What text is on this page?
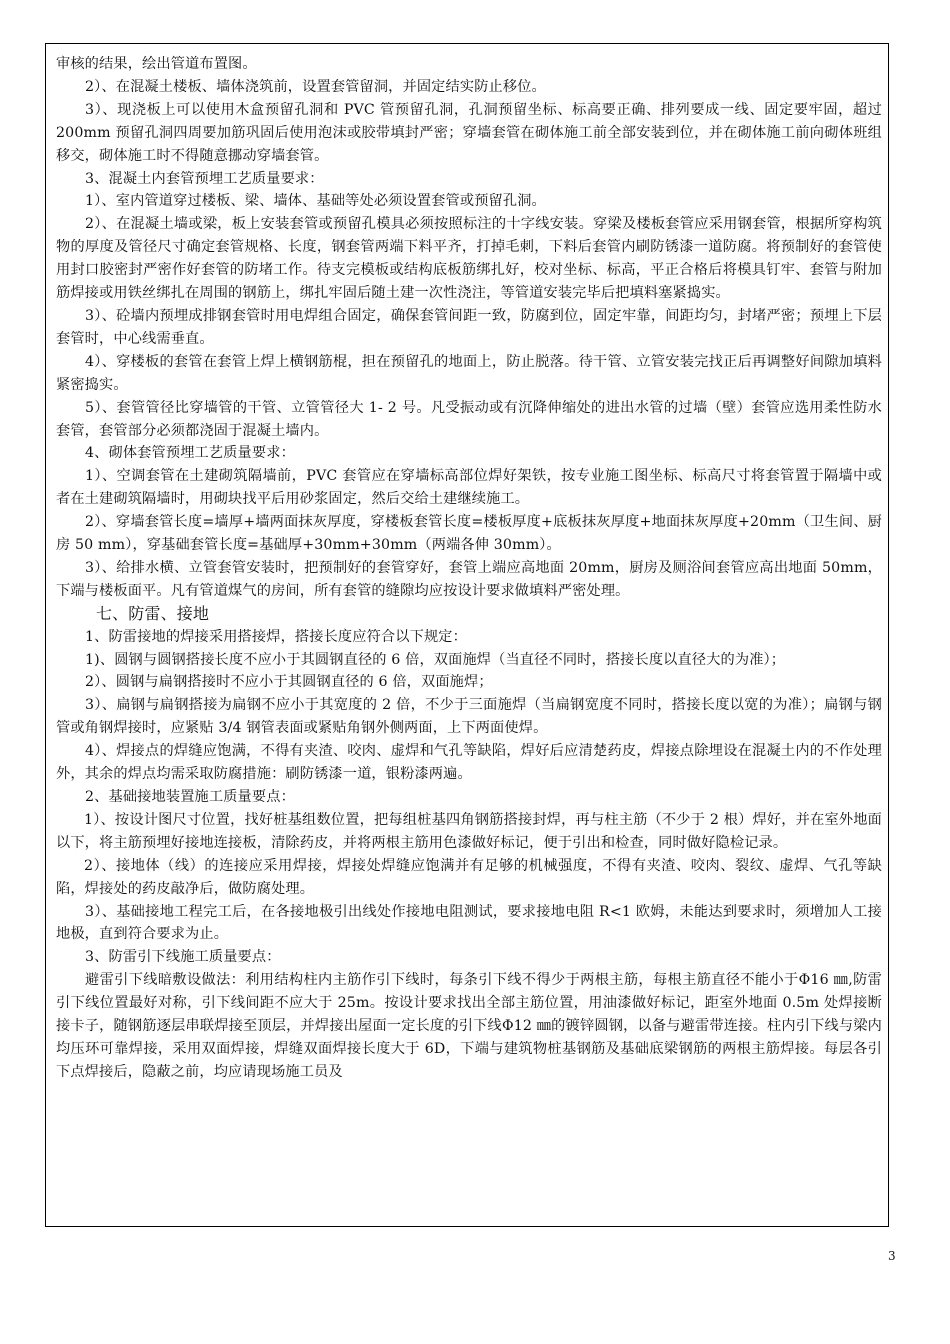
审核的结果，绘出管道布置图。

2）、在混凝土楼板、墙体浇筑前，设置套管留洞，并固定结实防止移位。

3）、现浇板上可以使用木盒预留孔洞和 PVC 管预留孔洞，孔洞预留坐标、标高要正确、排列要成一线、固定要牢固，超过 200mm 预留孔洞四周要加筋巩固后使用泡沫或胶带填封严密；穿墙套管在砌体施工前全部安装到位，并在砌体施工前向砌体班组移交，砌体施工时不得随意挪动穿墙套管。

3、混凝土内套管预埋工艺质量要求：

1）、室内管道穿过楼板、梁、墙体、基础等处必须设置套管或预留孔洞。

2）、在混凝土墙或梁，板上安装套管或预留孔模具必须按照标注的十字线安装。穿梁及楼板套管应采用钢套管，根据所穿构筑物的厚度及管径尺寸确定套管规格、长度，钢套管两端下料平齐，打掉毛刺，下料后套管内刷防锈漆一道防腐。将预制好的套管使用封口胶密封严密作好套管的防堵工作。待支完模板或结构底板筋绑扎好，校对坐标、标高，平正合格后将模具钉牢、套管与附加筋焊接或用铁丝绑扎在周围的钢筋上，绑扎牢固后随土建一次性浇注，等管道安装完毕后把填料塞紧捣实。

3）、砼墙内预埋成排钢套管时用电焊组合固定，确保套管间距一致，防腐到位，固定牢靠，间距均匀，封堵严密；预埋上下层套管时，中心线需垂直。

4）、穿楼板的套管在套管上焊上横钢筋棍，担在预留孔的地面上，防止脱落。待干管、立管安装完找正后再调整好间隙加填料紧密捣实。

5）、套管管径比穿墙管的干管、立管管径大 1- 2 号。凡受振动或有沉降伸缩处的进出水管的过墙（壁）套管应选用柔性防水套管，套管部分必须都浇固于混凝土墙内。

4、砌体套管预埋工艺质量要求：

1）、空调套管在土建砌筑隔墙前，PVC 套管应在穿墙标高部位焊好架铁，按专业施工图坐标、标高尺寸将套管置于隔墙中或者在土建砌筑隔墙时，用砌块找平后用砂浆固定，然后交给土建继续施工。

2）、穿墙套管长度=墙厚+墙两面抹灰厚度，穿楼板套管长度=楼板厚度+底板抹灰厚度+地面抹灰厚度+20mm（卫生间、厨房 50 mm），穿基础套管长度=基础厚+30mm+30mm（两端各伸 30mm）。

3）、给排水横、立管套管安装时，把预制好的套管穿好，套管上端应高地面 20mm，厨房及厕浴间套管应高出地面 50mm，下端与楼板面平。凡有管道煤气的房间，所有套管的缝隙均应按设计要求做填料严密处理。

七、防雷、接地

1、防雷接地的焊接采用搭接焊，搭接长度应符合以下规定：

1)、圆钢与圆钢搭接长度不应小于其圆钢直径的 6 倍，双面施焊（当直径不同时，搭接长度以直径大的为准）；

2）、圆钢与扁钢搭接时不应小于其圆钢直径的 6 倍，双面施焊；

3）、扁钢与扁钢搭接为扁钢不应小于其宽度的 2 倍，不少于三面施焊（当扁钢宽度不同时，搭接长度以宽的为准）；扁钢与钢管或角钢焊接时，应紧贴 3/4 钢管表面或紧贴角钢外侧两面，上下两面使焊。

4）、焊接点的焊缝应饱满，不得有夹渣、咬肉、虚焊和气孔等缺陷，焊好后应清楚药皮，焊接点除埋设在混凝土内的不作处理外，其余的焊点均需采取防腐措施：刷防锈漆一道，银粉漆两遍。

2、基础接地装置施工质量要点：

1）、按设计图尺寸位置，找好桩基组数位置，把每组桩基四角钢筋搭接封焊，再与柱主筋（不少于 2 根）焊好，并在室外地面以下，将主筋预埋好接地连接板，清除药皮，并将两根主筋用色漆做好标记，便于引出和检查，同时做好隐检记录。

2）、接地体（线）的连接应采用焊接，焊接处焊缝应饱满并有足够的机械强度，不得有夹渣、咬肉、裂纹、虚焊、气孔等缺陷，焊接处的药皮敲净后，做防腐处理。

3）、基础接地工程完工后，在各接地极引出线处作接地电阻测试，要求接地电阻 R<1 欧姆，未能达到要求时，须增加人工接地极，直到符合要求为止。

3、防雷引下线施工质量要点：

避雷引下线暗敷设做法：利用结构柱内主筋作引下线时，每条引下线不得少于两根主筋，每根主筋直径不能小于Φ16 ㎜,防雷引下线位置最好对称，引下线间距不应大于 25m。按设计要求找出全部主筋位置，用油漆做好标记，距室外地面 0.5m 处焊接断接卡子，随钢筋逐层串联焊接至顶层，并焊接出屋面一定长度的引下线Φ12 ㎜的镀锌圆钢，以备与避雷带连接。柱内引下线与梁内均压环可靠焊接，采用双面焊接，焊缝双面焊接长度大于 6D，下端与建筑物桩基钢筋及基础底梁钢筋的两根主筋焊接。每层各引下点焊接后，隐蔽之前，均应请现场施工员及

3
